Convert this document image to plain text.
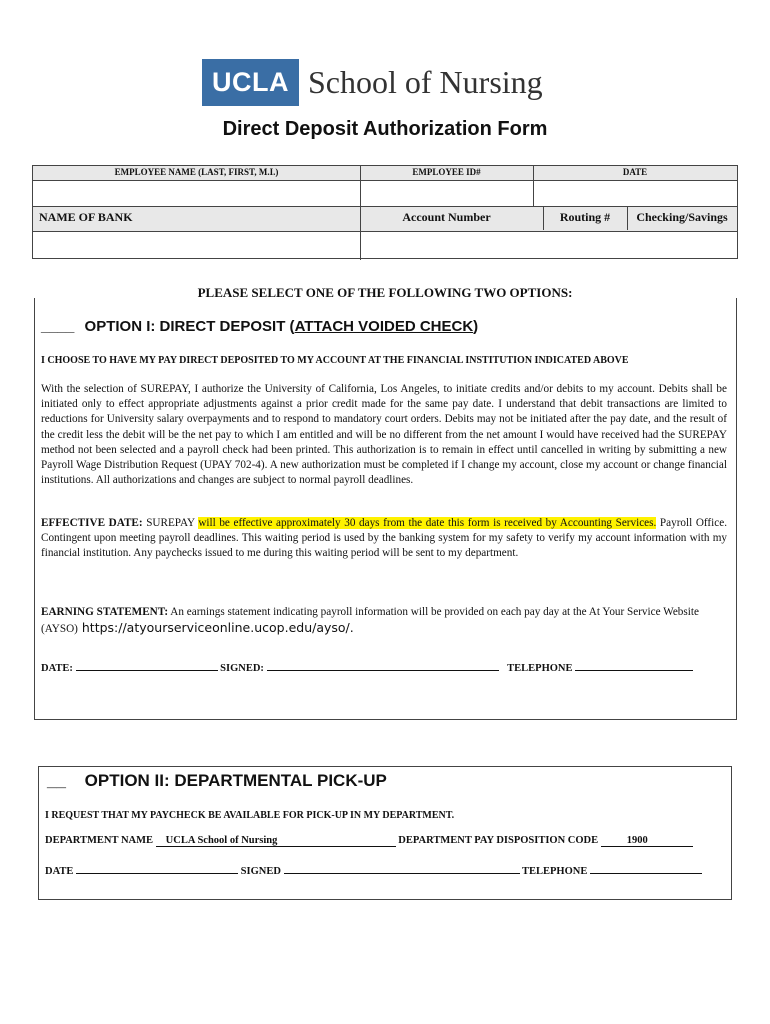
UCLA School of Nursing
Direct Deposit Authorization Form
EMPLOYEE NAME (LAST, FIRST, M.I.)	EMPLOYEE ID#	DATE
NAME OF BANK	Account Number	Routing #	Checking/Savings
PLEASE SELECT ONE OF THE FOLLOWING TWO OPTIONS:
____ OPTION I: DIRECT DEPOSIT (ATTACH VOIDED CHECK)
I CHOOSE TO HAVE MY PAY DIRECT DEPOSITED TO MY ACCOUNT AT THE FINANCIAL INSTITUTION INDICATED ABOVE
With the selection of SUREPAY, I authorize the University of California, Los Angeles, to initiate credits and/or debits to my account. Debits shall be initiated only to effect appropriate adjustments against a prior credit made for the same pay date. I understand that debit transactions are limited to reductions for University salary overpayments and to respond to mandatory court orders. Debits may not be initiated after the pay date, and the result of the credit less the debit will be the net pay to which I am entitled and will be no different from the net amount I would have received had the SUREPAY method not been selected and a payroll check had been printed. This authorization is to remain in effect until cancelled in writing by submitting a new Payroll Wage Distribution Request (UPAY 702-4). A new authorization must be completed if I change my account, close my account or change financial institutions. All authorizations and changes are subject to normal payroll deadlines.
EFFECTIVE DATE: SUREPAY will be effective approximately 30 days from the date this form is received by Accounting Services. Payroll Office. Contingent upon meeting payroll deadlines. This waiting period is used by the banking system for my safety to verify my account information with my financial institution. Any paychecks issued to me during this waiting period will be sent to my department.
EARNING STATEMENT: An earnings statement indicating payroll information will be provided on each pay day at the At Your Service Website (AYSO) https://atyourserviceonline.ucop.edu/ayso/.
DATE:	SIGNED:	TELEPHONE
__ OPTION II: DEPARTMENTAL PICK-UP
I REQUEST THAT MY PAYCHECK BE AVAILABLE FOR PICK-UP IN MY DEPARTMENT.
DEPARTMENT NAME UCLA School of Nursing	DEPARTMENT PAY DISPOSITION CODE	1900
DATE	SIGNED	TELEPHONE
